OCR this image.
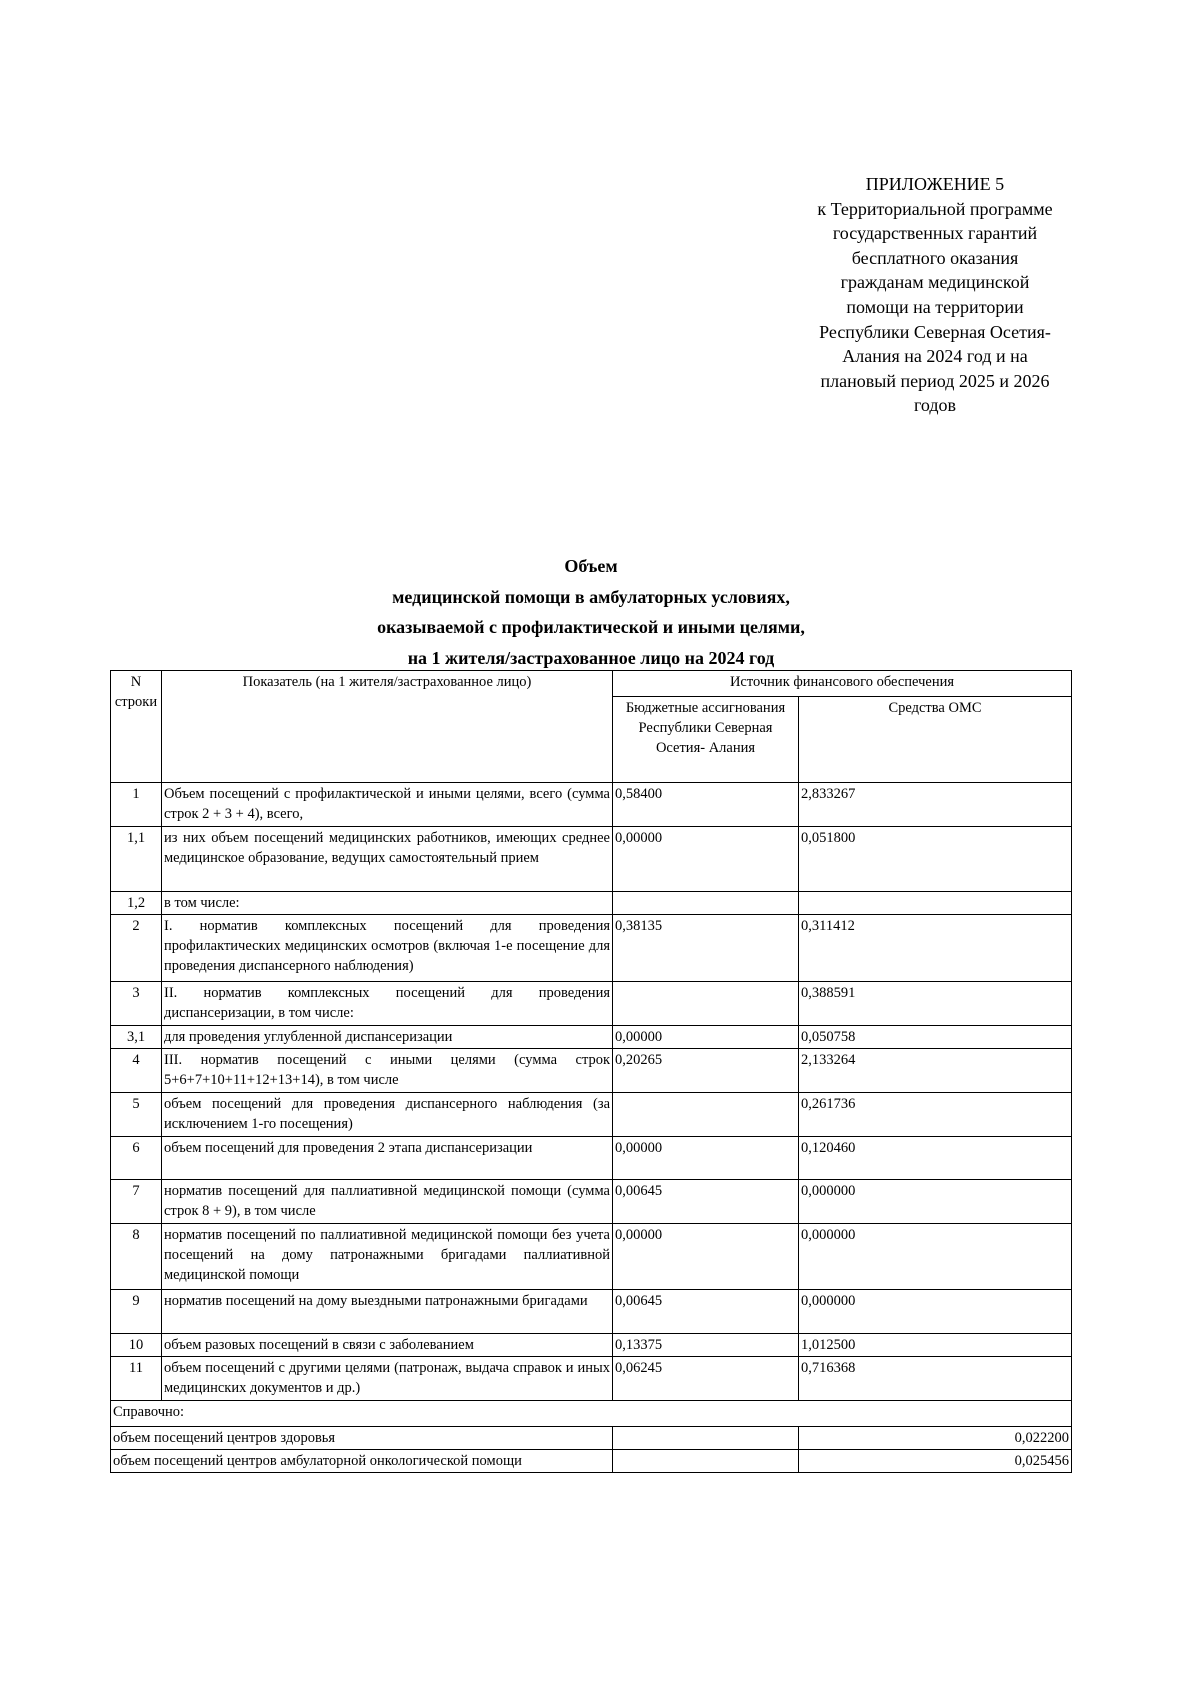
ПРИЛОЖЕНИЕ 5
к Территориальной программе
государственных гарантий
бесплатного оказания
гражданам медицинской
помощи на территории
Республики Северная Осетия-
Алания на 2024 год и на
плановый период 2025 и 2026
годов
Объем
медицинской помощи в амбулаторных условиях,
оказываемой с профилактической и иными целями,
на 1 жителя/застрахованное лицо на 2024 год
N строки	Показатель (на 1 жителя/застрахованное лицо)	Источник финансового обеспечения	
		Бюджетные ассигнования Республики Северная Осетия- Алания	Средства ОМС
1	Объем посещений с профилактической и иными целями, всего (сумма строк 2 + 3 + 4), всего,	0,58400	2,833267
1,1	из них объем посещений медицинских работников, имеющих среднее медицинское образование, ведущих самостоятельный прием	0,00000	0,051800
1,2	в том числе:		
2	I. норматив комплексных посещений для проведения профилактических медицинских осмотров (включая 1-е посещение для проведения диспансерного наблюдения)	0,38135	0,311412
3	II. норматив комплексных посещений для проведения диспансеризации, в том числе:		0,388591
3,1	для проведения углубленной диспансеризации	0,00000	0,050758
4	III. норматив посещений с иными целями (сумма строк 5+6+7+10+11+12+13+14), в том числе	0,20265	2,133264
5	объем посещений для проведения диспансерного наблюдения (за исключением 1-го посещения)		0,261736
6	объем посещений для проведения 2 этапа диспансеризации	0,00000	0,120460
7	норматив посещений для паллиативной медицинской помощи (сумма строк 8 + 9), в том числе	0,00645	0,000000
8	норматив посещений по паллиативной медицинской помощи без учета посещений на дому патронажными бригадами паллиативной медицинской помощи	0,00000	0,000000
9	норматив посещений на дому выездными патронажными бригадами	0,00645	0,000000
10	объем разовых посещений в связи с заболеванием	0,13375	1,012500
11	объем посещений с другими целями (патронаж, выдача справок и иных медицинских документов и др.)	0,06245	0,716368
Справочно:			
объем посещений центров здоровья			0,022200
объем посещений центров амбулаторной онкологической помощи			0,025456
